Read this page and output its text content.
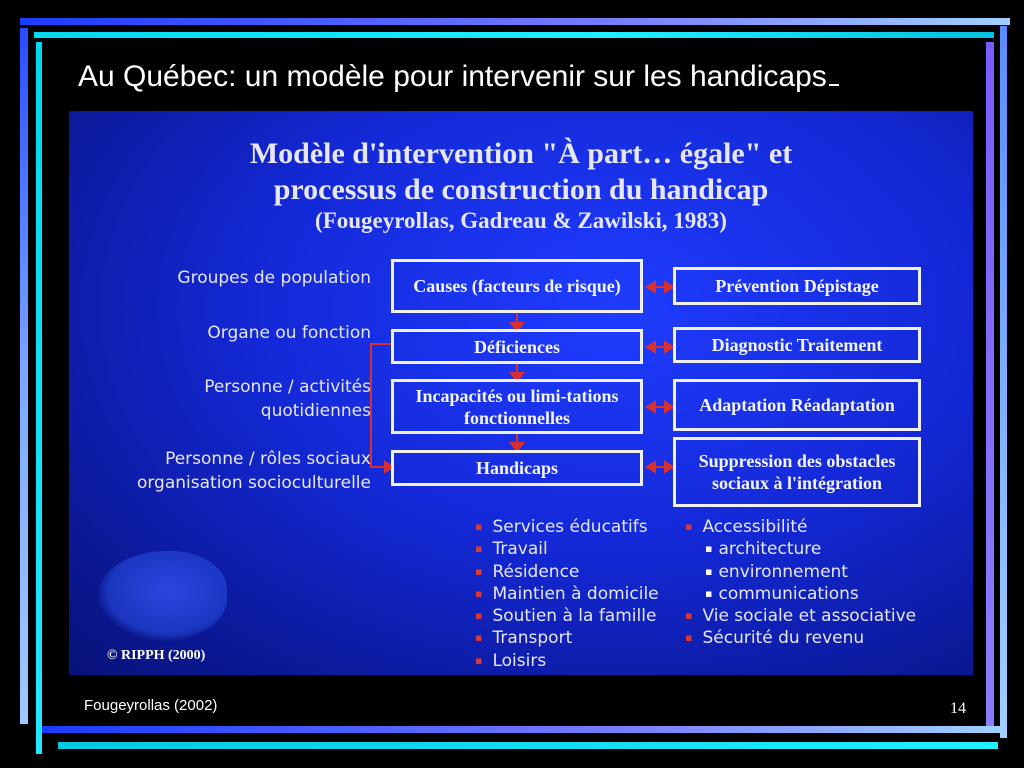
Au Québec: un modèle pour intervenir sur les handicaps
Modèle d'intervention "À part… égale" et
processus de construction du handicap
(Fougeyrollas, Gadreau & Zawilski, 1983)
Groupes de population
Organe ou fonction
Personne / activités quotidiennes
Personne / rôles sociaux organisation socioculturelle
Causes (facteurs de risque)
Déficiences
Incapacités ou limi-tations fonctionnelles
Handicaps
Prévention Dépistage
Diagnostic Traitement
Adaptation Réadaptation
Suppression des obstacles sociaux à l'intégration
▪ Services éducatifs
▪ Travail
▪ Résidence
▪ Maintien à domicile
▪ Soutien à la famille
▪ Transport
▪ Loisirs
▪ Accessibilité
▪ architecture
▪ environnement
▪ communications
▪ Vie sociale et associative
▪ Sécurité du revenu
© RIPPH (2000)
Fougeyrollas (2002)	14
